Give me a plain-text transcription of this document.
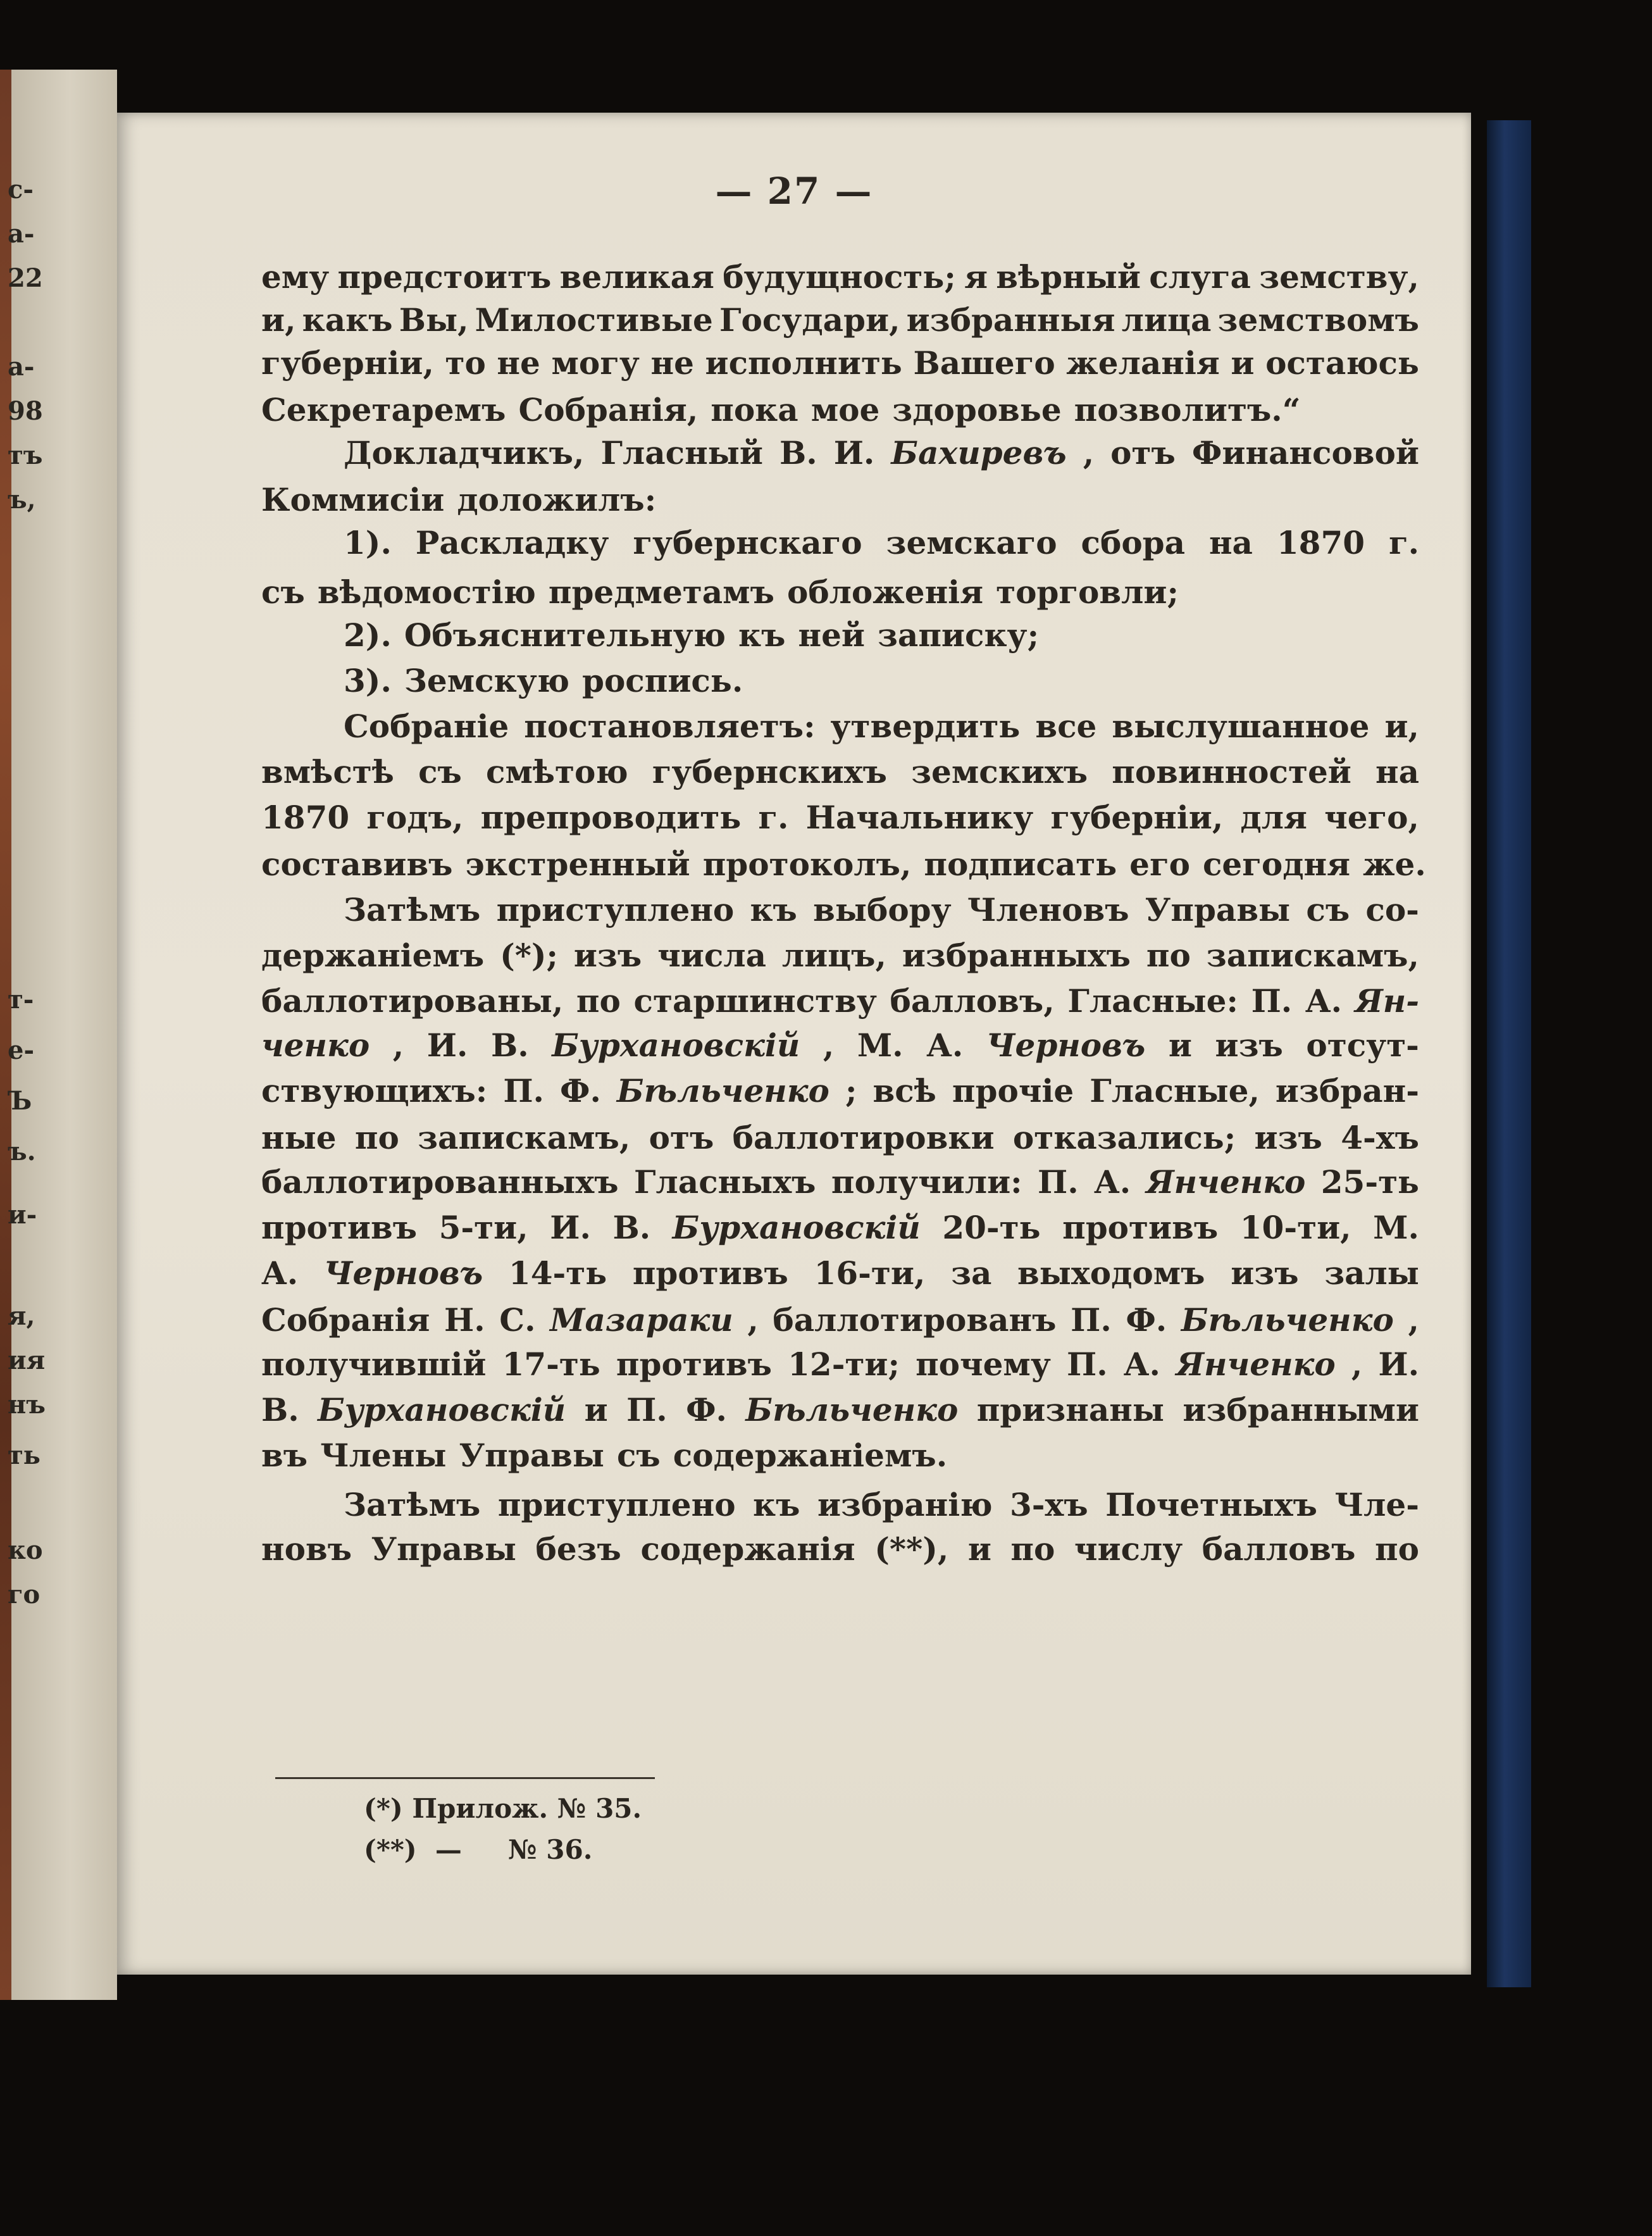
с-
а-
22
а-
98
тъ
ъ,
т-
е-
Ъ
ъ.
и-
я,
ия
нъ
ть
ко
го
— 27 —
ему предстоитъ великая будущность; я вѣрный слуга земству,
и, какъ Вы, Милостивые Государи, избранныя лица земствомъ
губерніи, то не могу не исполнить Вашего желанія и остаюсь
Секретаремъ Собранія, пока мое здоровье позволитъ.“
Докладчикъ, Гласный В. И. Бахиревъ , отъ Финансовой
Коммисіи доложилъ:
1). Раскладку губернскаго земскаго сбора на 1870 г.
съ вѣдомостію предметамъ обложенія торговли;
2). Объяснительную къ ней записку;
3). Земскую роспись.
Собраніе постановляетъ: утвердить все выслушанное и,
вмѣстѣ съ смѣтою губернскихъ земскихъ повинностей на
1870 годъ, препроводить г. Начальнику губерніи, для чего,
составивъ экстренный протоколъ, подписать его сегодня же.
Затѣмъ приступлено къ выбору Членовъ Управы съ со-
держаніемъ (*); изъ числа лицъ, избранныхъ по запискамъ,
баллотированы, по старшинству балловъ, Гласные: П. А. Ян-
ченко , И. В. Бурхановскій , М. А. Черновъ и изъ отсут-
ствующихъ: П. Ф. Бѣльченко ; всѣ прочіе Гласные, избран-
ные по запискамъ, отъ баллотировки отказались; изъ 4-хъ
баллотированныхъ Гласныхъ получили: П. А. Янченко 25-ть
противъ 5-ти, И. В. Бурхановскій 20-ть противъ 10-ти, М.
А. Черновъ 14-ть противъ 16-ти, за выходомъ изъ залы
Собранія Н. С. Мазараки , баллотированъ П. Ф. Бѣльченко ,
получившій 17-ть противъ 12-ти; почему П. А. Янченко , И.
В. Бурхановскій и П. Ф. Бѣльченко признаны избранными
въ Члены Управы съ содержаніемъ.
Затѣмъ приступлено къ избранію 3-хъ Почетныхъ Чле-
новъ Управы безъ содержанія (**), и по числу балловъ по
(*) Прилож. № 35.
(**)  —     № 36.
